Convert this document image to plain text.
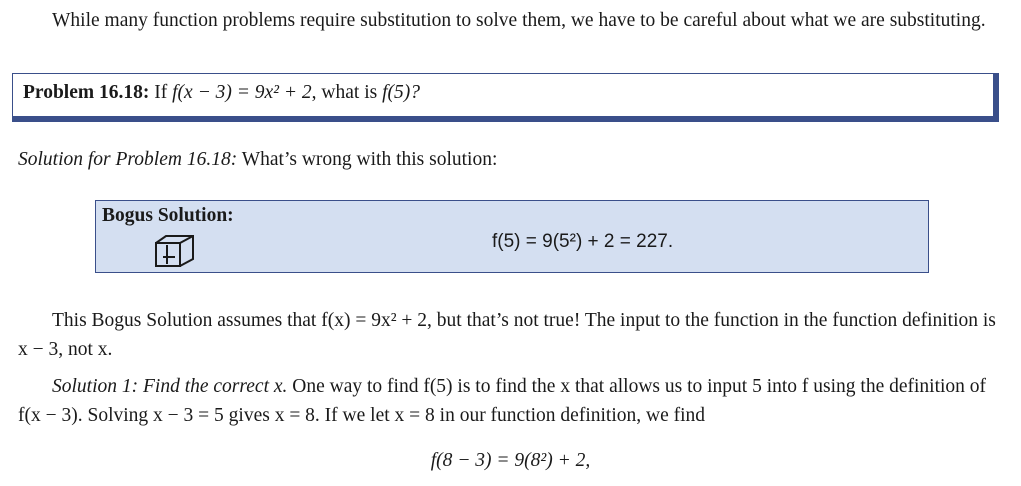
While many function problems require substitution to solve them, we have to be careful about what we are substituting.
Problem 16.18: If f(x − 3) = 9x² + 2, what is f(5)?
Solution for Problem 16.18: What’s wrong with this solution:
Bogus Solution:
f(5) = 9(5²) + 2 = 227.
This Bogus Solution assumes that f(x) = 9x² + 2, but that’s not true! The input to the function in the function definition is x − 3, not x.
Solution 1: Find the correct x. One way to find f(5) is to find the x that allows us to input 5 into f using the definition of f(x − 3). Solving x − 3 = 5 gives x = 8. If we let x = 8 in our function definition, we find
f(8 − 3) = 9(8²) + 2,
